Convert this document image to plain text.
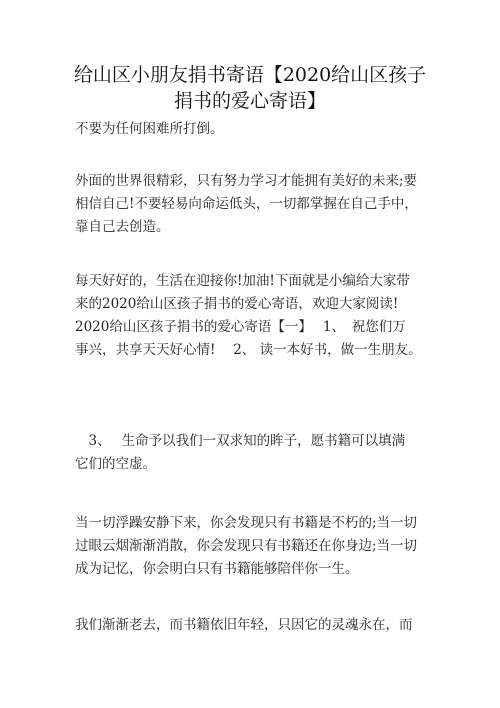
给山区小朋友捐书寄语【2020给山区孩子
捐书的爱心寄语】
不要为任何困难所打倒。
外面的世界很精彩，只有努力学习才能拥有美好的未来;要
相信自己!不要轻易向命运低头，一切都掌握在自己手中，
靠自己去创造。
每天好好的，生活在迎接你!加油!下面就是小编给大家带
来的2020给山区孩子捐书的爱心寄语，欢迎大家阅读!
2020给山区孩子捐书的爱心寄语【一】　 1、　祝您们万
事兴，共享天天好心情!　 2、 读一本好书，做一生朋友。
　3、　 生命予以我们一双求知的眸子，愿书籍可以填满
它们的空虚。
当一切浮躁安静下来，你会发现只有书籍是不朽的;当一切
过眼云烟渐渐消散，你会发现只有书籍还在你身边;当一切
成为记忆，你会明白只有书籍能够陪伴你一生。
我们渐渐老去，而书籍依旧年轻，只因它的灵魂永在，而
